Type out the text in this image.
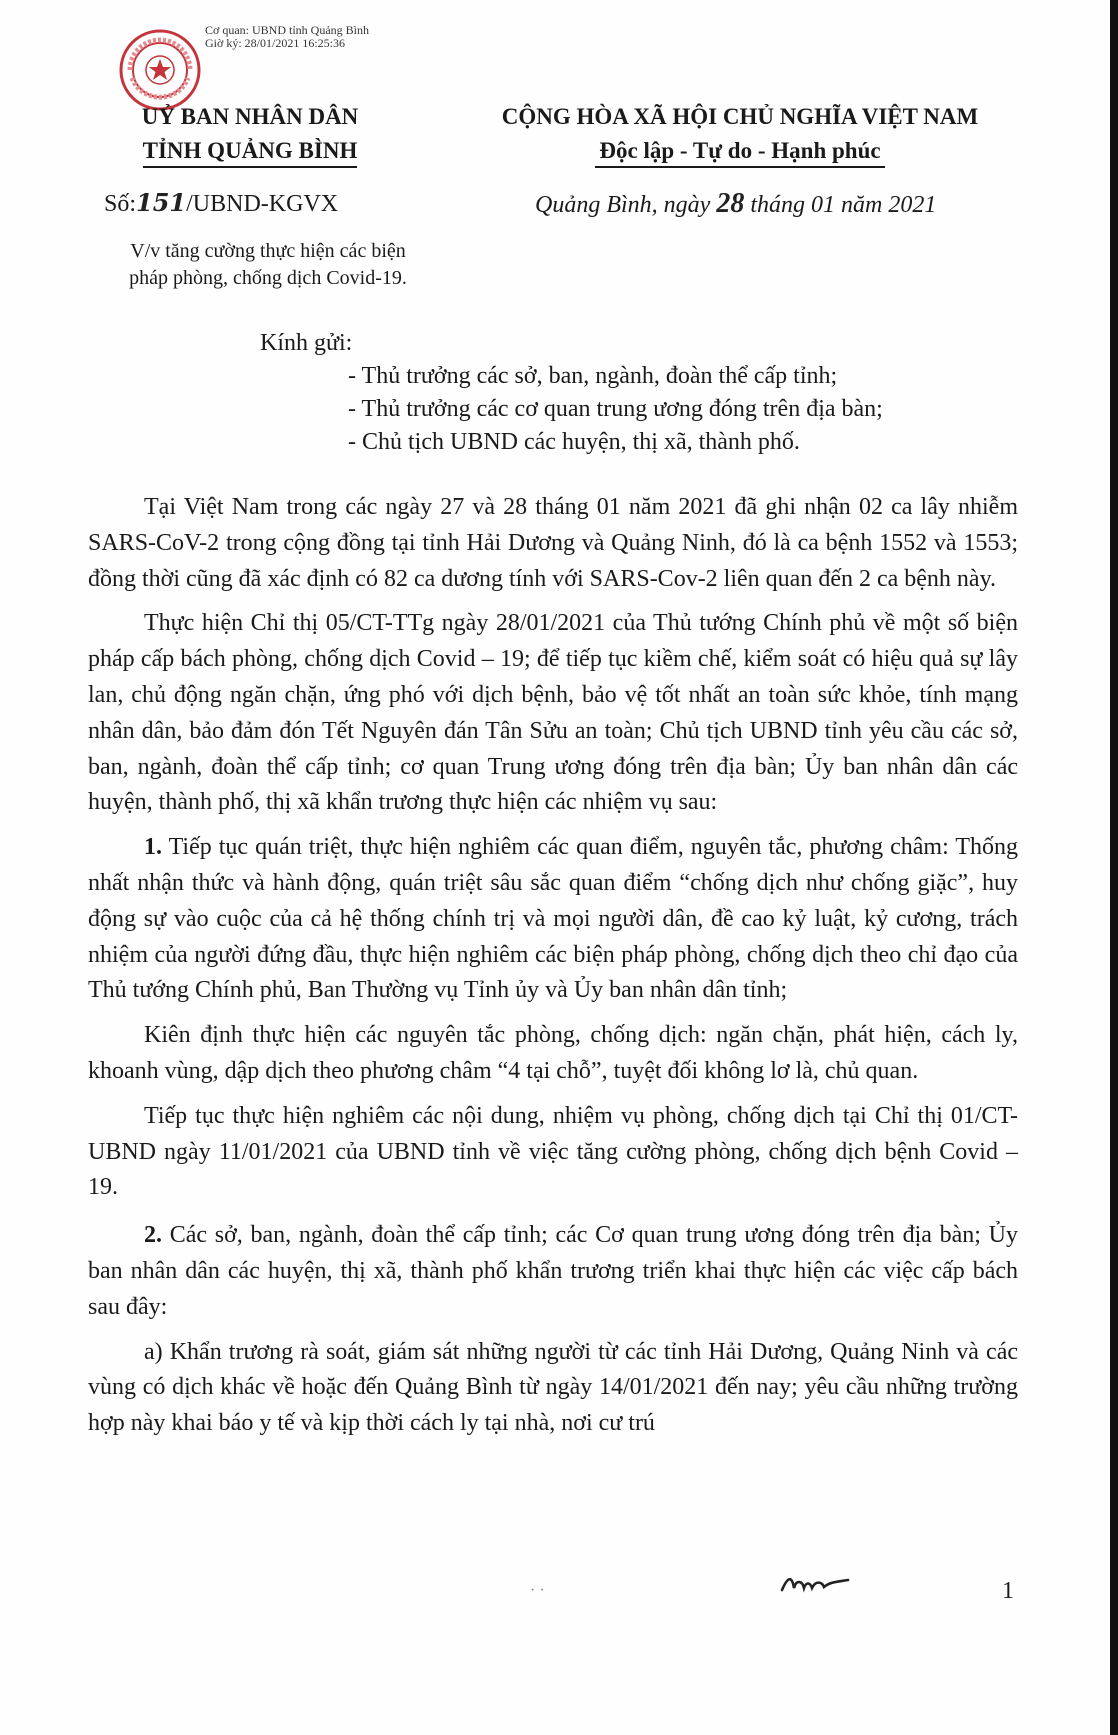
Cơ quan: UBND tỉnh Quảng Bình
Giờ ký: 28/01/2021 16:25:36
UỶ BAN NHÂN DÂN
TỈNH QUẢNG BÌNH
CỘNG HÒA XÃ HỘI CHỦ NGHĨA VIỆT NAM
Độc lập - Tự do - Hạnh phúc
Số:151/UBND-KGVX	Quảng Bình, ngày 28 tháng 01 năm 2021
V/v tăng cường thực hiện các biện
pháp phòng, chống dịch Covid-19.
Kính gửi:
- Thủ trưởng các sở, ban, ngành, đoàn thể cấp tỉnh;
- Thủ trưởng các cơ quan trung ương đóng trên địa bàn;
- Chủ tịch UBND các huyện, thị xã, thành phố.

Tại Việt Nam trong các ngày 27 và 28 tháng 01 năm 2021 đã ghi nhận 02 ca lây nhiễm SARS-CoV-2 trong cộng đồng tại tỉnh Hải Dương và Quảng Ninh, đó là ca bệnh 1552 và 1553; đồng thời cũng đã xác định có 82 ca dương tính với SARS-Cov-2 liên quan đến 2 ca bệnh này.

Thực hiện Chỉ thị 05/CT-TTg ngày 28/01/2021 của Thủ tướng Chính phủ về một số biện pháp cấp bách phòng, chống dịch Covid – 19; để tiếp tục kiềm chế, kiểm soát có hiệu quả sự lây lan, chủ động ngăn chặn, ứng phó với dịch bệnh, bảo vệ tốt nhất an toàn sức khỏe, tính mạng nhân dân, bảo đảm đón Tết Nguyên đán Tân Sửu an toàn; Chủ tịch UBND tỉnh yêu cầu các sở, ban, ngành, đoàn thể cấp tỉnh; cơ quan Trung ương đóng trên địa bàn; Ủy ban nhân dân các huyện, thành phố, thị xã khẩn trương thực hiện các nhiệm vụ sau:

1. Tiếp tục quán triệt, thực hiện nghiêm các quan điểm, nguyên tắc, phương châm: Thống nhất nhận thức và hành động, quán triệt sâu sắc quan điểm “chống dịch như chống giặc”, huy động sự vào cuộc của cả hệ thống chính trị và mọi người dân, đề cao kỷ luật, kỷ cương, trách nhiệm của người đứng đầu, thực hiện nghiêm các biện pháp phòng, chống dịch theo chỉ đạo của Thủ tướng Chính phủ, Ban Thường vụ Tỉnh ủy và Ủy ban nhân dân tỉnh;

Kiên định thực hiện các nguyên tắc phòng, chống dịch: ngăn chặn, phát hiện, cách ly, khoanh vùng, dập dịch theo phương châm “4 tại chỗ”, tuyệt đối không lơ là, chủ quan.

Tiếp tục thực hiện nghiêm các nội dung, nhiệm vụ phòng, chống dịch tại Chỉ thị 01/CT-UBND ngày 11/01/2021 của UBND tỉnh về việc tăng cường phòng, chống dịch bệnh Covid – 19.

2. Các sở, ban, ngành, đoàn thể cấp tỉnh; các Cơ quan trung ương đóng trên địa bàn; Ủy ban nhân dân các huyện, thị xã, thành phố khẩn trương triển khai thực hiện các việc cấp bách sau đây:

a) Khẩn trương rà soát, giám sát những người từ các tỉnh Hải Dương, Quảng Ninh và các vùng có dịch khác về hoặc đến Quảng Bình từ ngày 14/01/2021 đến nay; yêu cầu những trường hợp này khai báo y tế và kịp thời cách ly tại nhà, nơi cư trú

· ·	1
